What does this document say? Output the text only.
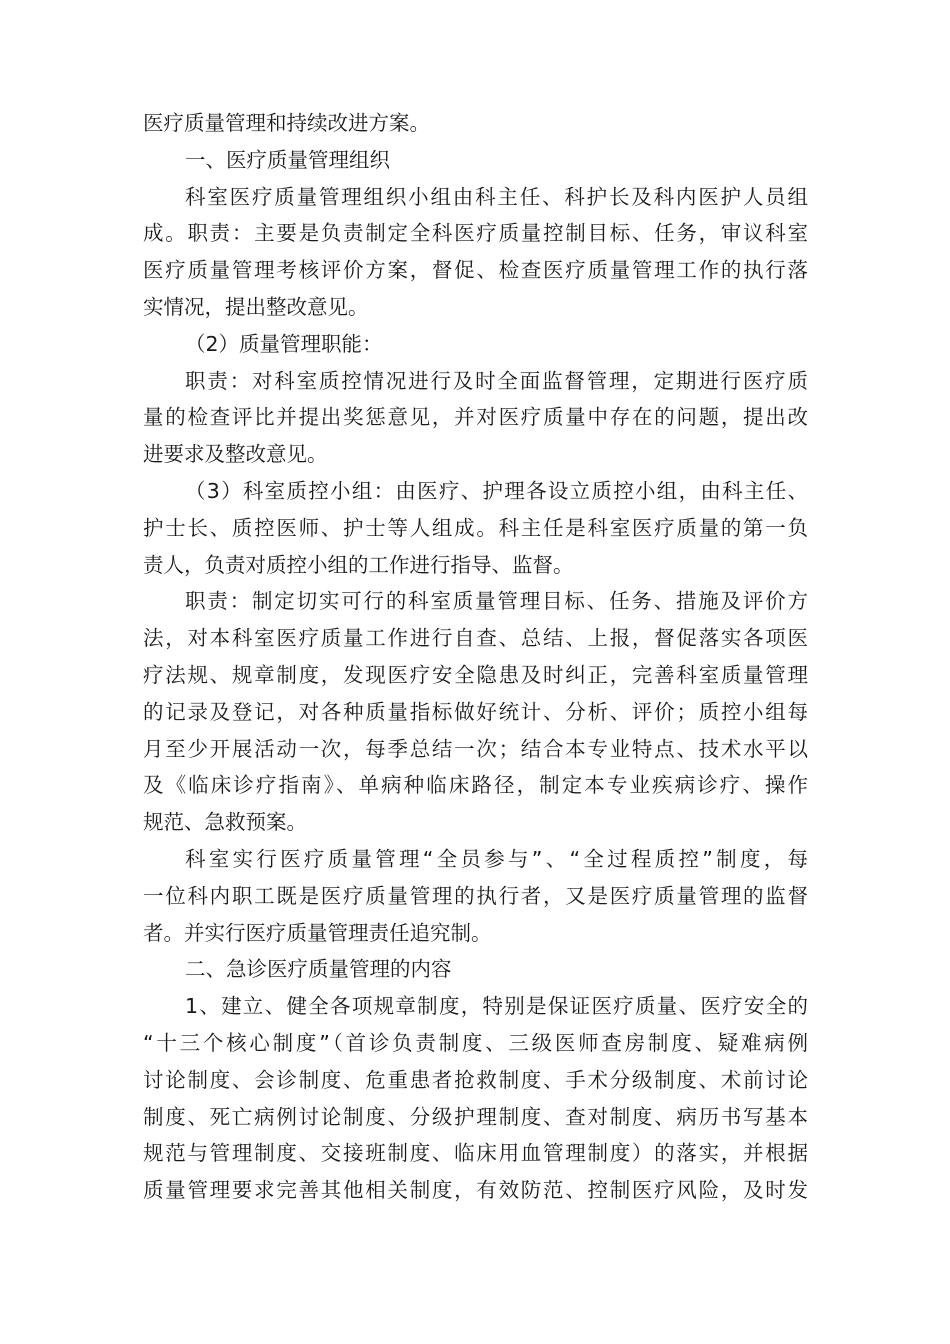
医疗质量管理和持续改进方案。
一、医疗质量管理组织
科室医疗质量管理组织小组由科主任、科护长及科内医护人员组
成。职责：主要是负责制定全科医疗质量控制目标、任务，审议科室
医疗质量管理考核评价方案，督促、检查医疗质量管理工作的执行落
实情况，提出整改意见。
（2）质量管理职能：
职责：对科室质控情况进行及时全面监督管理，定期进行医疗质
量的检查评比并提出奖惩意见，并对医疗质量中存在的问题，提出改
进要求及整改意见。
（3）科室质控小组：由医疗、护理各设立质控小组，由科主任、
护士长、质控医师、护士等人组成。科主任是科室医疗质量的第一负
责人，负责对质控小组的工作进行指导、监督。
职责：制定切实可行的科室质量管理目标、任务、措施及评价方
法，对本科室医疗质量工作进行自查、总结、上报，督促落实各项医
疗法规、规章制度，发现医疗安全隐患及时纠正，完善科室质量管理
的记录及登记，对各种质量指标做好统计、分析、评价；质控小组每
月至少开展活动一次，每季总结一次；结合本专业特点、技术水平以
及《临床诊疗指南》、单病种临床路径，制定本专业疾病诊疗、操作
规范、急救预案。
科室实行医疗质量管理“全员参与”、“全过程质控”制度，每
一位科内职工既是医疗质量管理的执行者，又是医疗质量管理的监督
者。并实行医疗质量管理责任追究制。
二、急诊医疗质量管理的内容
1、建立、健全各项规章制度，特别是保证医疗质量、医疗安全的
“十三个核心制度”（首诊负责制度、三级医师查房制度、疑难病例
讨论制度、会诊制度、危重患者抢救制度、手术分级制度、术前讨论
制度、死亡病例讨论制度、分级护理制度、查对制度、病历书写基本
规范与管理制度、交接班制度、临床用血管理制度）的落实，并根据
质量管理要求完善其他相关制度，有效防范、控制医疗风险，及时发
